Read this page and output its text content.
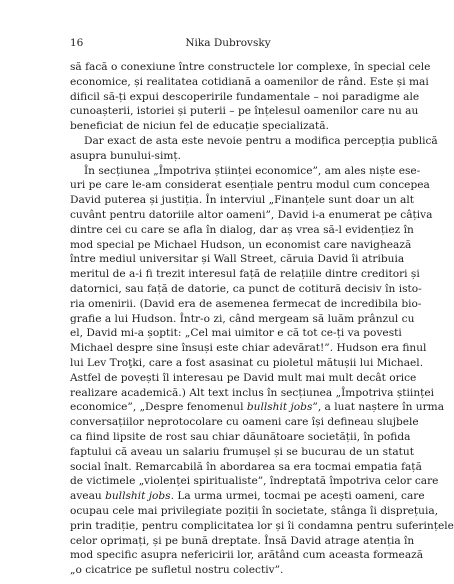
16	Nika Dubrovsky
să facă o conexiune între constructele lor complexe, în special cele
economice, și realitatea cotidiană a oamenilor de rând. Este și mai
dificil să-ți expui descoperirile fundamentale – noi paradigme ale
cunoașterii, istoriei și puterii – pe înțelesul oamenilor care nu au
beneficiat de niciun fel de educație specializată.
Dar exact de asta este nevoie pentru a modifica percepția publică
asupra bunului-simț.
În secțiunea „Împotriva științei economice”, am ales niște ese-
uri pe care le-am considerat esențiale pentru modul cum concepea
David puterea și justiția. În interviul „Finanțele sunt doar un alt
cuvânt pentru datoriile altor oameni”, David i-a enumerat pe câțiva
dintre cei cu care se afla în dialog, dar aș vrea să-l evidențiez în
mod special pe Michael Hudson, un economist care navighează
între mediul universitar și Wall Street, căruia David îi atribuia
meritul de a-i fi trezit interesul față de relațiile dintre creditori și
datornici, sau față de datorie, ca punct de cotitură decisiv în isto-
ria omenirii. (David era de asemenea fermecat de incredibila bio-
grafie a lui Hudson. Într-o zi, când mergeam să luăm prânzul cu
el, David mi-a șoptit: „Cel mai uimitor e că tot ce-ți va povesti
Michael despre sine însuși este chiar adevărat!”. Hudson era finul
lui Lev Troţki, care a fost asasinat cu pioletul mătușii lui Michael.
Astfel de povești îl interesau pe David mult mai mult decât orice
realizare academică.) Alt text inclus în secțiunea „Împotriva științei
economice”, „Despre fenomenul bullshit jobs”, a luat naștere în urma
conversațiilor neprotocolare cu oameni care își defineau slujbele
ca fiind lipsite de rost sau chiar dăunătoare societății, în pofida
faptului că aveau un salariu frumușel și se bucurau de un statut
social înalt. Remarcabilă în abordarea sa era tocmai empatia față
de victimele „violenței spiritualiste”, îndreptată împotriva celor care
aveau bullshit jobs. La urma urmei, tocmai pe acești oameni, care
ocupau cele mai privilegiate poziții în societate, stânga îi disprețuia,
prin tradiție, pentru complicitatea lor și îi condamna pentru suferințele
celor oprimați, și pe bună dreptate. Însă David atrage atenția în
mod specific asupra nefericirii lor, arătând cum aceasta formează
„o cicatrice pe sufletul nostru colectiv”.
